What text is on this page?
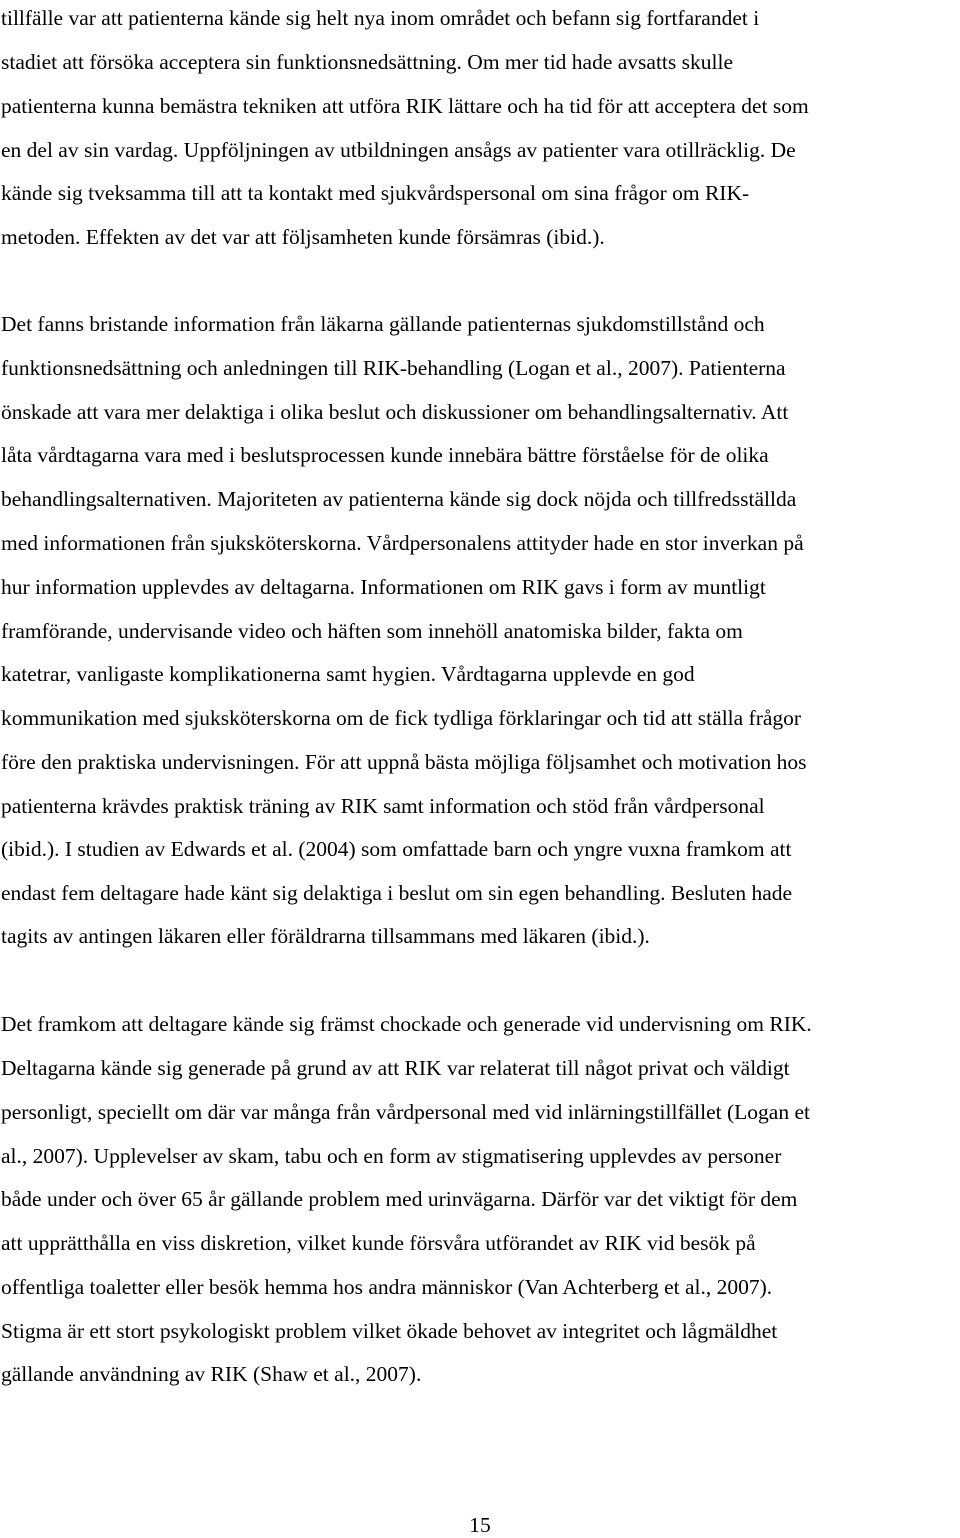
tillfälle var att patienterna kände sig helt nya inom området och befann sig fortfarandet i
stadiet att försöka acceptera sin funktionsnedsättning. Om mer tid hade avsatts skulle
patienterna kunna bemästra tekniken att utföra RIK lättare och ha tid för att acceptera det som
en del av sin vardag. Uppföljningen av utbildningen ansågs av patienter vara otillräcklig. De
kände sig tveksamma till att ta kontakt med sjukvårdspersonal om sina frågor om RIK-
metoden. Effekten av det var att följsamheten kunde försämras (ibid.).
Det fanns bristande information från läkarna gällande patienternas sjukdomstillstånd och
funktionsnedsättning och anledningen till RIK-behandling (Logan et al., 2007). Patienterna
önskade att vara mer delaktiga i olika beslut och diskussioner om behandlingsalternativ. Att
låta vårdtagarna vara med i beslutsprocessen kunde innebära bättre förståelse för de olika
behandlingsalternativen. Majoriteten av patienterna kände sig dock nöjda och tillfredsställda
med informationen från sjuksköterskorna. Vårdpersonalens attityder hade en stor inverkan på
hur information upplevdes av deltagarna. Informationen om RIK gavs i form av muntligt
framförande, undervisande video och häften som innehöll anatomiska bilder, fakta om
katetrar, vanligaste komplikationerna samt hygien. Vårdtagarna upplevde en god
kommunikation med sjuksköterskorna om de fick tydliga förklaringar och tid att ställa frågor
före den praktiska undervisningen. För att uppnå bästa möjliga följsamhet och motivation hos
patienterna krävdes praktisk träning av RIK samt information och stöd från vårdpersonal
(ibid.). I studien av Edwards et al. (2004) som omfattade barn och yngre vuxna framkom att
endast fem deltagare hade känt sig delaktiga i beslut om sin egen behandling. Besluten hade
tagits av antingen läkaren eller föräldrarna tillsammans med läkaren (ibid.).
Det framkom att deltagare kände sig främst chockade och generade vid undervisning om RIK.
Deltagarna kände sig generade på grund av att RIK var relaterat till något privat och väldigt
personligt, speciellt om där var många från vårdpersonal med vid inlärningstillfället (Logan et
al., 2007). Upplevelser av skam, tabu och en form av stigmatisering upplevdes av personer
både under och över 65 år gällande problem med urinvägarna. Därför var det viktigt för dem
att upprätthålla en viss diskretion, vilket kunde försvåra utförandet av RIK vid besök på
offentliga toaletter eller besök hemma hos andra människor (Van Achterberg et al., 2007).
Stigma är ett stort psykologiskt problem vilket ökade behovet av integritet och lågmäldhet
gällande användning av RIK (Shaw et al., 2007).
15
